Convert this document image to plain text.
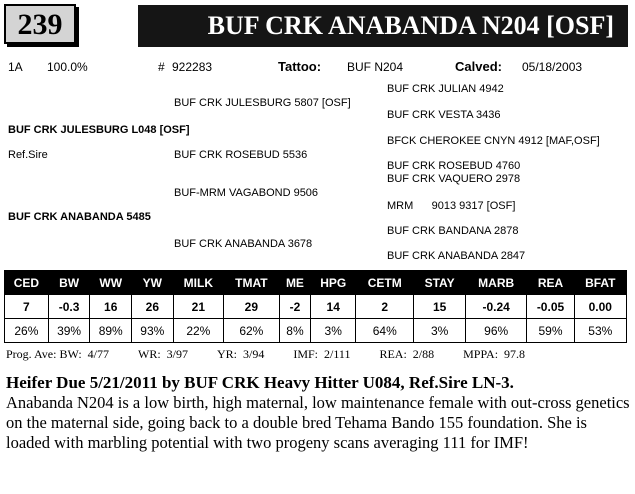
239	BUF CRK ANABANDA N204 [OSF]
1A 100.0%	# 922283	Tattoo: BUF N204	Calved: 05/18/2003
BUF CRK JULIAN 4942
BUF CRK JULESBURG 5807 [OSF]
BUF CRK VESTA 3436
BUF CRK JULESBURG L048 [OSF]
BFCK CHEROKEE CNYN 4912 [MAF,OSF]
Ref.Sire	BUF CRK ROSEBUD 5536
BUF CRK ROSEBUD 4760
BUF CRK VAQUERO 2978
BUF-MRM VAGABOND 9506
MRM      9013 9317 [OSF]
BUF CRK ANABANDA 5485
BUF CRK BANDANA 2878
BUF CRK ANABANDA 3678
BUF CRK ANABANDA 2847
CED	BW	WW	YW	MILK	TMAT	ME	HPG	CETM	STAY	MARB	REA	BFAT
7	-0.3	16	26	21	29	-2	14	2	15	-0.24	-0.05	0.00
26%	39%	89%	93%	22%	62%	8%	3%	64%	3%	96%	59%	53%
Prog. Ave: BW:  4/77 WR:  3/97 YR:  3/94 IMF:  2/111 REA:  2/88 MPPA:  97.8
Heifer Due 5/21/2011 by BUF CRK Heavy Hitter U084, Ref.Sire LN-3.
Anabanda N204 is a low birth, high maternal, low maintenance female with out-cross genetics on the maternal side, going back to a double bred Tehama Bando 155 foundation. She is loaded with marbling potential with two progeny scans averaging 111 for IMF!
